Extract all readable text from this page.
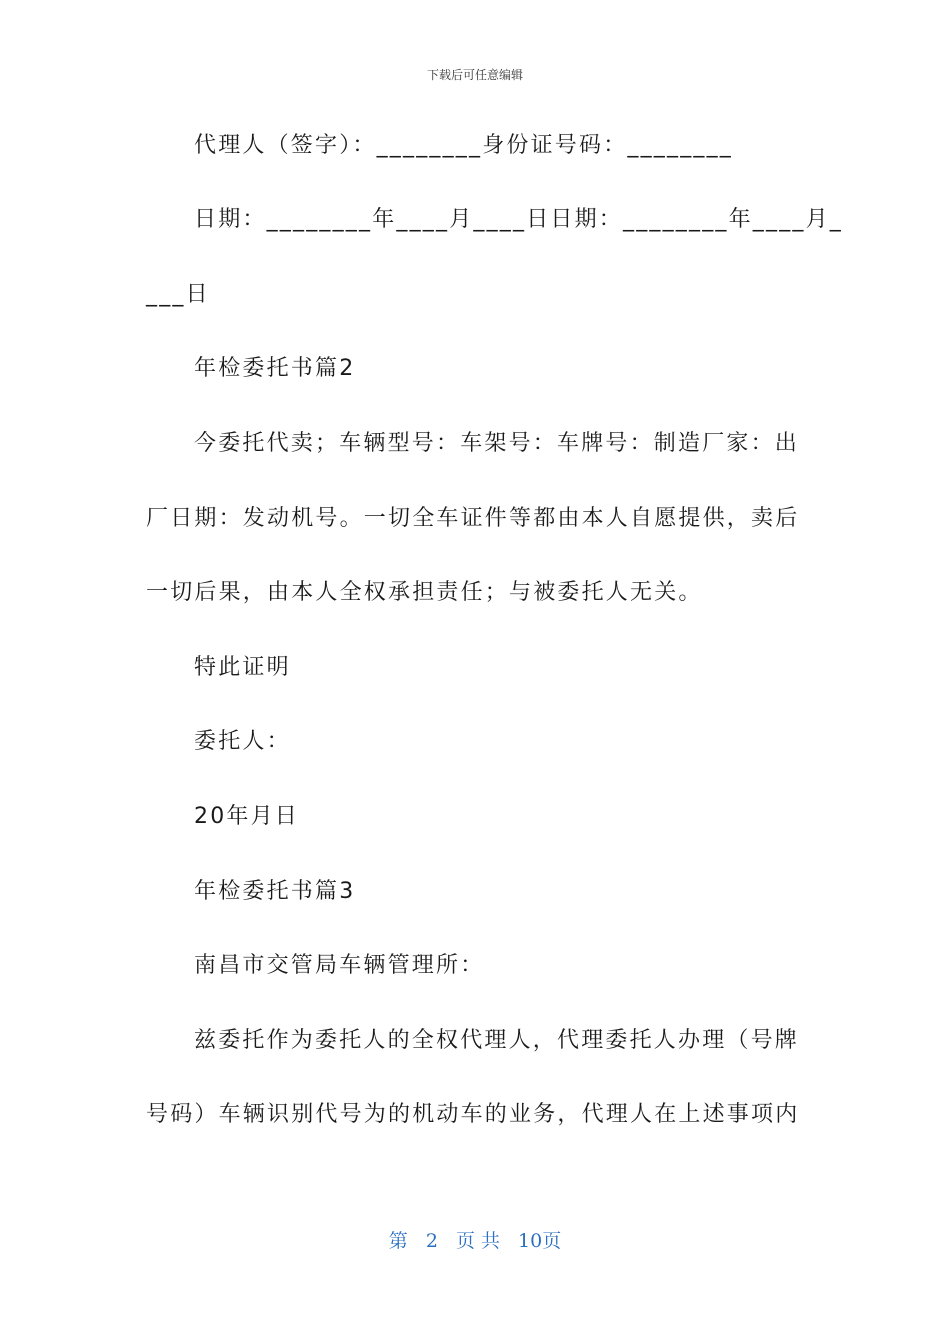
下载后可任意编辑
代理人（签字）：________身份证号码：________
日期：________年____月____日日期：________年____月_
___日
年检委托书篇2
今委托代卖；车辆型号：车架号：车牌号：制造厂家：出
厂日期：发动机号。一切全车证件等都由本人自愿提供，卖后
一切后果，由本人全权承担责任；与被委托人无关。
特此证明
委托人：
20年月日
年检委托书篇3
南昌市交管局车辆管理所：
兹委托作为委托人的全权代理人，代理委托人办理（号牌
号码）车辆识别代号为的机动车的业务，代理人在上述事项内
第 2 页 共 10页
